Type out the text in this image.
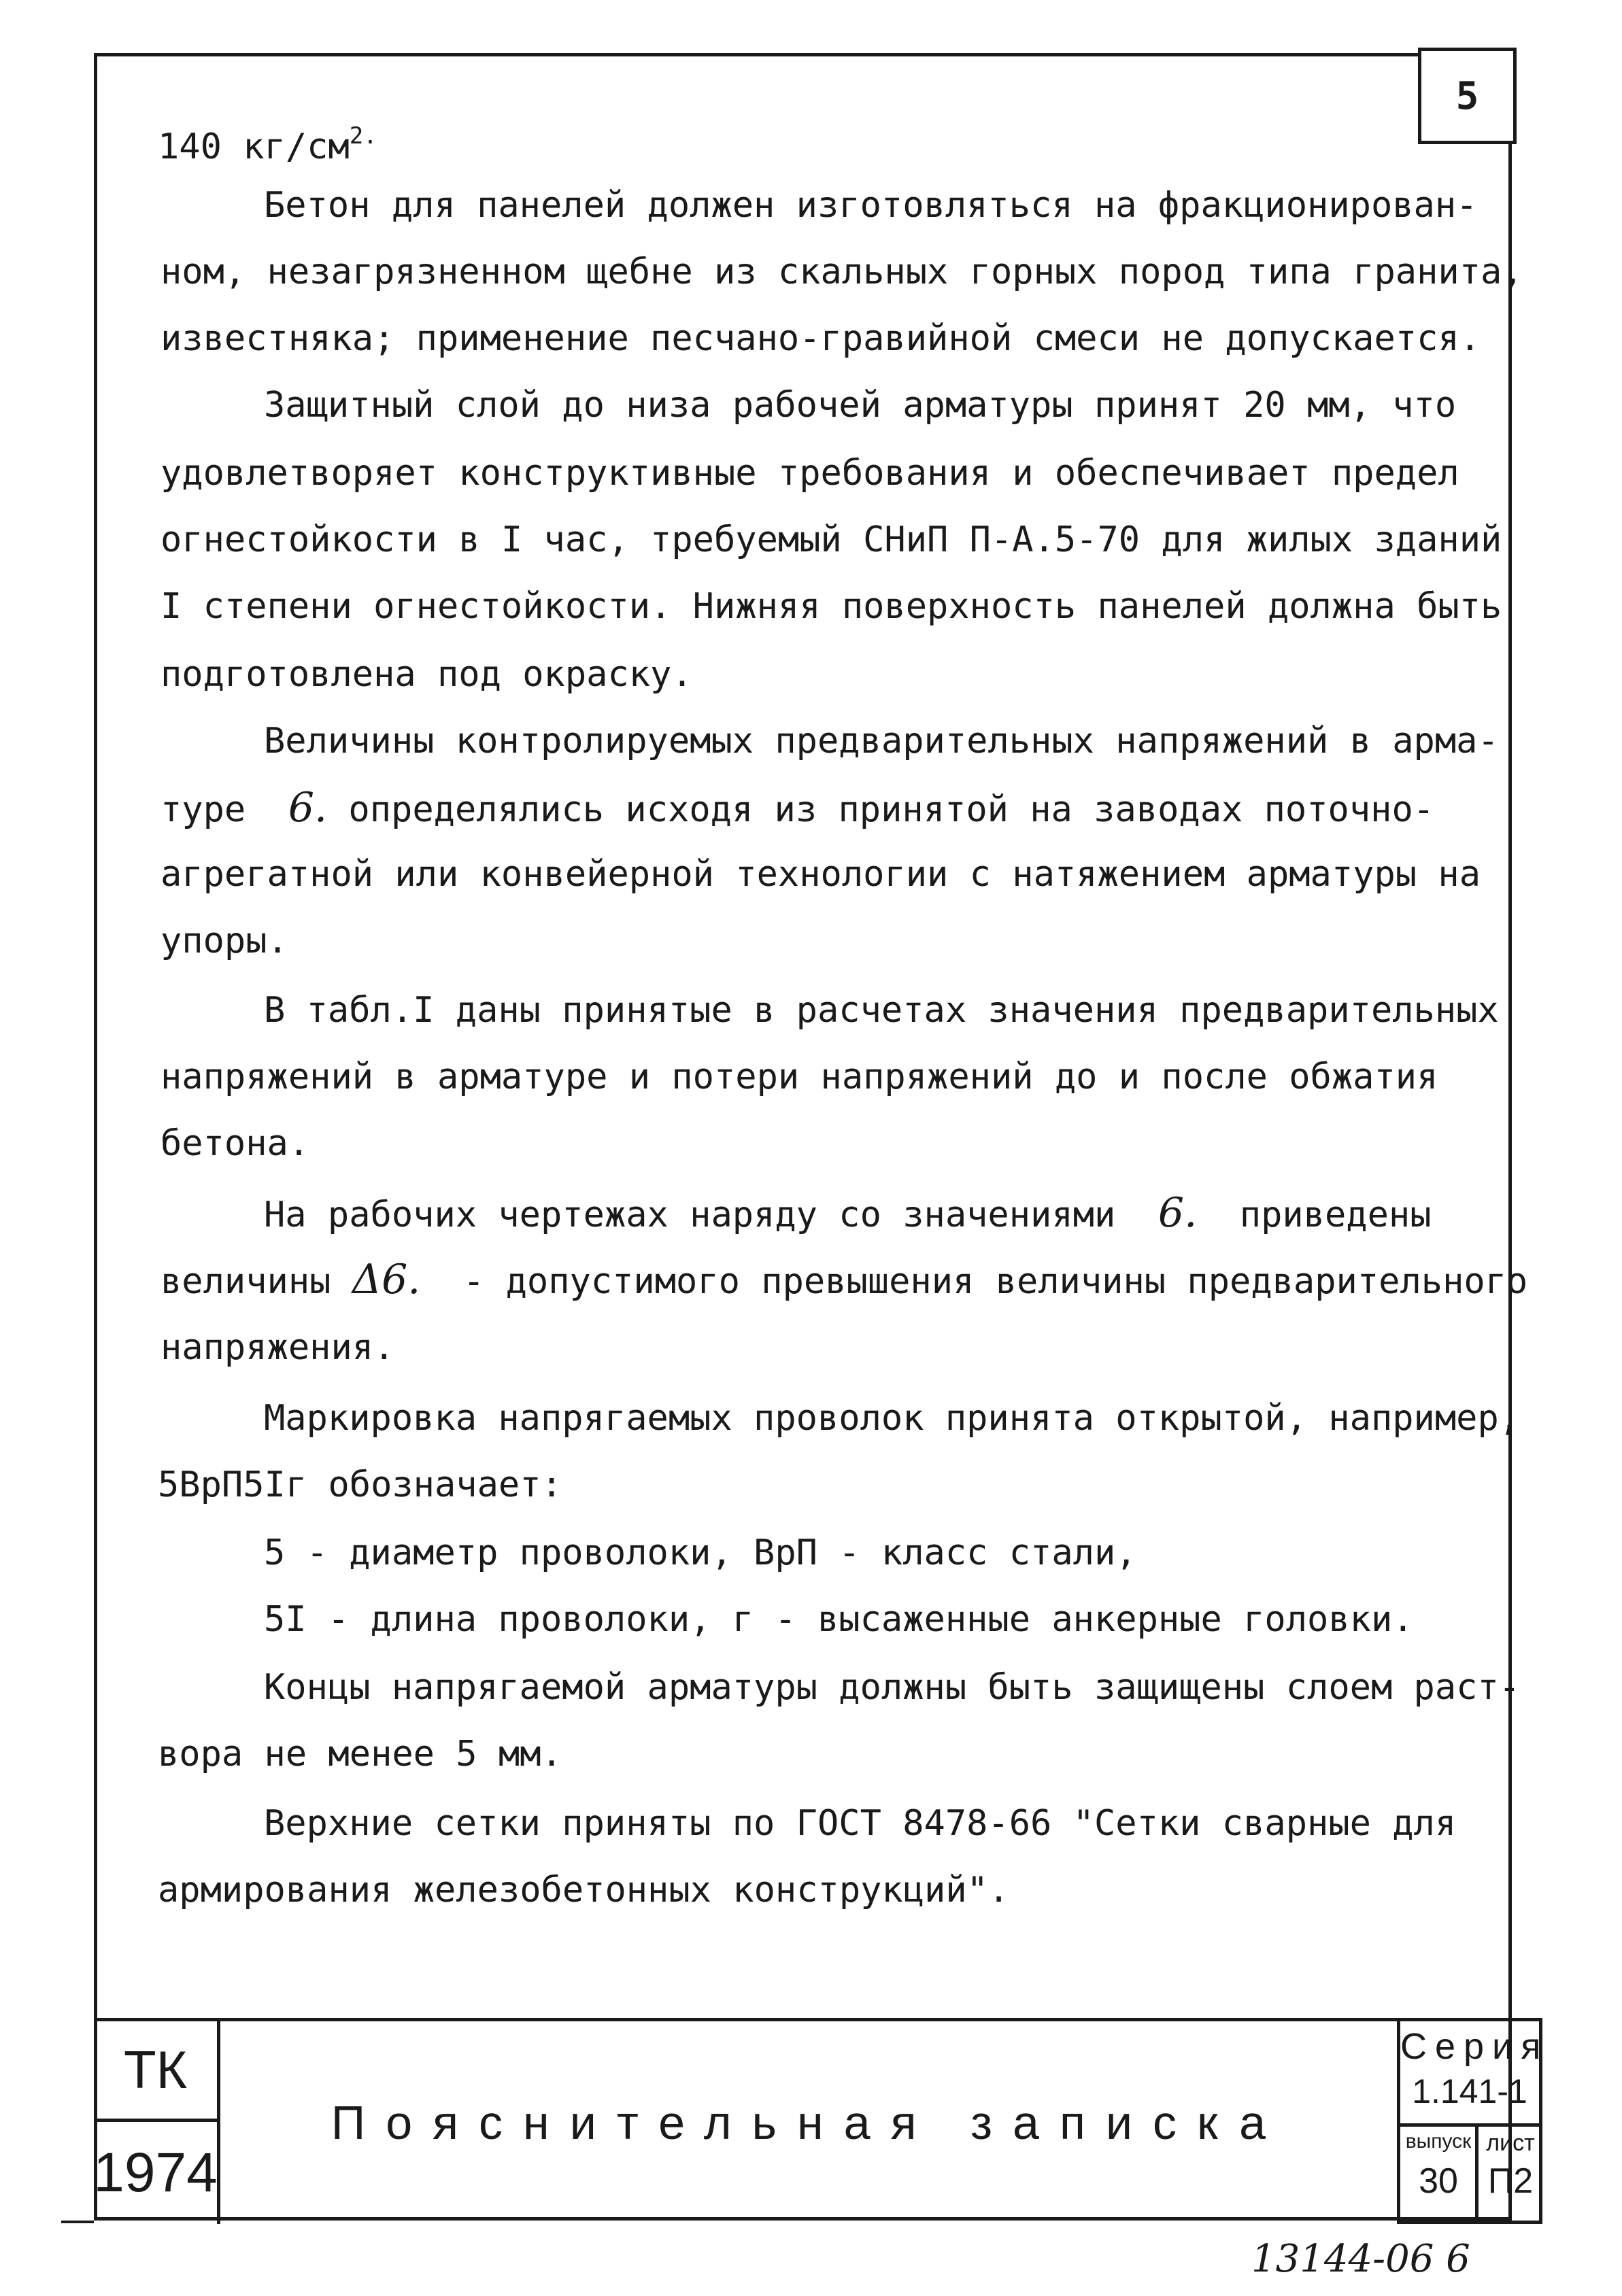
5
140 $кг/см^{2.}$
Бетон для панелей должен изготовляться на фракционирован-
ном, незагрязненном щебне из скальных горных пород типа гранита,
известняка; применение песчано-гравийной смеси не допускается.
Защитный слой до низа рабочей арматуры принят 20 мм, что
удовлетворяет конструктивные требования и обеспечивает предел
огнестойкости в I час, требуемый СНиП П-А.5-70 для жилых зданий
I степени огнестойкости. Нижняя поверхность панелей должна быть
подготовлена под окраску.
Величины контролируемых предварительных напряжений в арма-
туре 6. определялись исходя из принятой на заводах поточно-
агрегатной или конвейерной технологии с натяжением арматуры на
упоры.
В табл.I даны принятые в расчетах значения предварительных
напряжений в арматуре и потери напряжений до и после обжатия
бетона.
На рабочих чертежах наряду со значениями 6. приведены
величины Δ6. - допустимого превышения величины предварительного
напряжения.
Маркировка напрягаемых проволок принята открытой, например,
5ВрП5Iг обозначает:
5 - диаметр проволоки, ВрП - класс стали,
5I - длина проволоки, г - высаженные анкерные головки.
Концы напрягаемой арматуры должны быть защищены слоем раст-
вора не менее 5 мм.
Верхние сетки приняты по ГОСТ 8478-66 "Сетки сварные для
армирования железобетонных конструкций".
ТК
1974
Пояснительная записка
Серия
1.141-1
выпуск
30
лист
П2
13144-06 6
